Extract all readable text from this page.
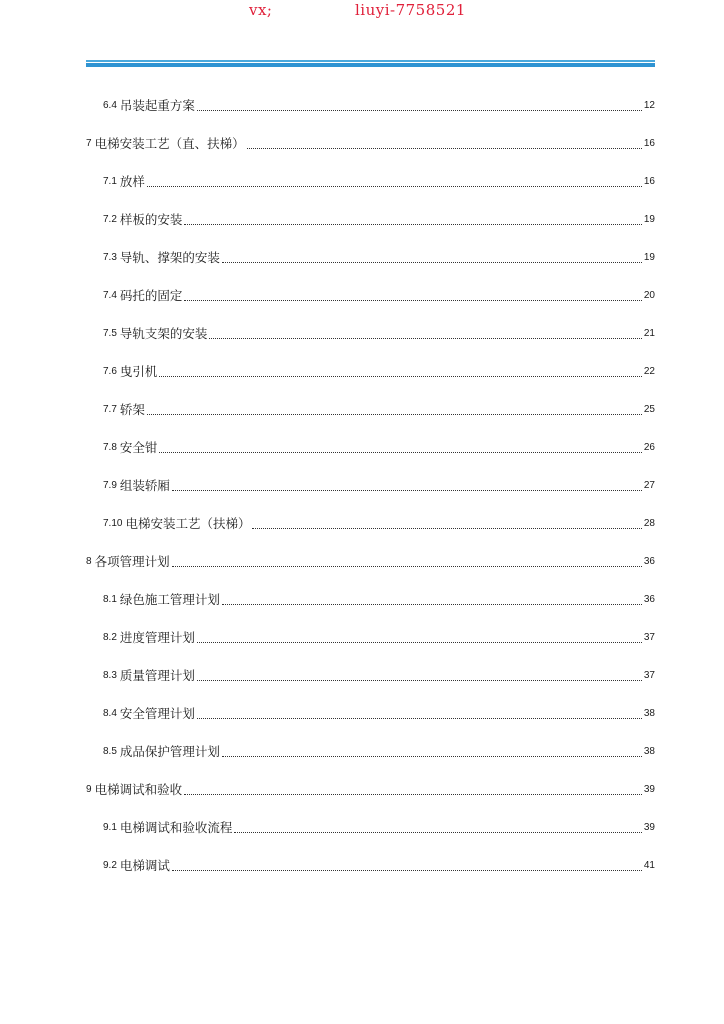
vx;	liuyi-7758521
6.4 吊装起重方案	12
7 电梯安装工艺（直、扶梯）	16
7.1 放样	16
7.2 样板的安装	19
7.3 导轨、撑架的安装	19
7.4 码托的固定	20
7.5 导轨支架的安装	21
7.6 曳引机	22
7.7 轿架	25
7.8 安全钳	26
7.9 组装轿厢	27
7.10 电梯安装工艺（扶梯）	28
8 各项管理计划	36
8.1 绿色施工管理计划	36
8.2 进度管理计划	37
8.3 质量管理计划	37
8.4 安全管理计划	38
8.5 成品保护管理计划	38
9 电梯调试和验收	39
9.1 电梯调试和验收流程	39
9.2 电梯调试	41
